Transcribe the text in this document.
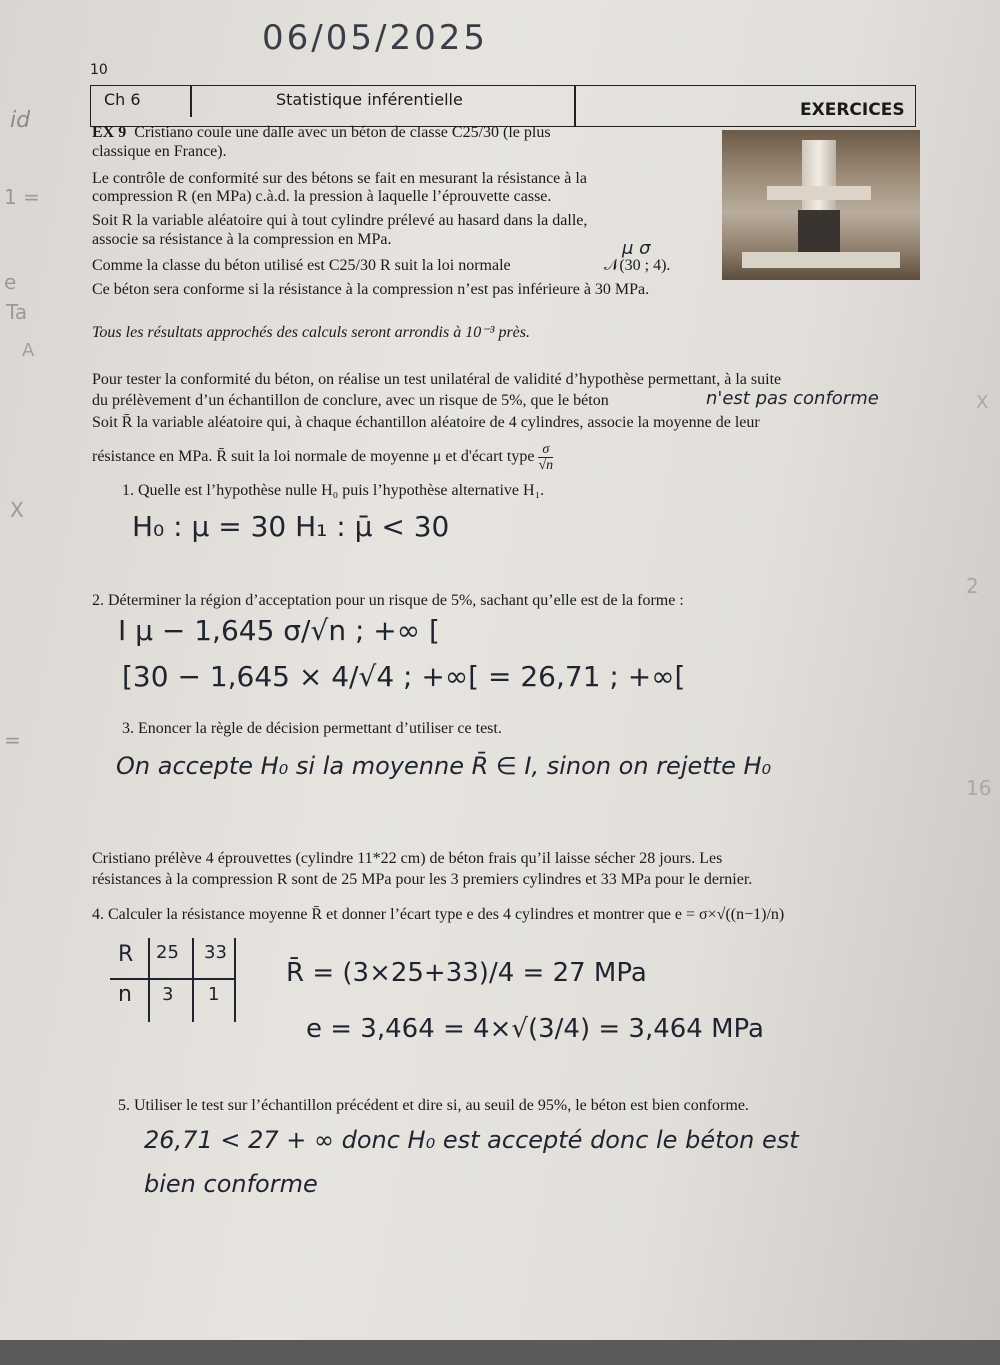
06/05/2025
10
Ch 6	Statistique inférentielle
EXERCICES
EX 9 Cristiano coule une dalle avec un béton de classe C25/30 (le plus
classique en France).
Le contrôle de conformité sur des bétons se fait en mesurant la résistance à la
compression R (en MPa) c.à.d. la pression à laquelle l’éprouvette casse.
Soit R la variable aléatoire qui à tout cylindre prélevé au hasard dans la dalle,
associe sa résistance à la compression en MPa.
Comme la classe du béton utilisé est C25/30 R suit la loi normale
μ σ
𝒩(30 ; 4).
Ce béton sera conforme si la résistance à la compression n’est pas inférieure à 30 MPa.
Tous les résultats approchés des calculs seront arrondis à 10⁻³ près.
Pour tester la conformité du béton, on réalise un test unilatéral de validité d’hypothèse permettant, à la suite
du prélèvement d’un échantillon de conclure, avec un risque de 5%, que le béton	n'est pas conforme
Soit R̄ la variable aléatoire qui, à chaque échantillon aléatoire de 4 cylindres, associe la moyenne de leur
résistance en MPa. R̄ suit la loi normale de moyenne μ et d'écart type $\frac{\sigma}{√n}$
1. Quelle est l’hypothèse nulle H₀ puis l’hypothèse alternative H₁.
H₀ : μ = 30 H₁ : μ̄ < 30
2. Déterminer la région d’acceptation pour un risque de 5%, sachant qu’elle est de la forme :
I μ − 1,645 σ/√n ; +∞ [
[30 − 1,645 × 4/√4 ; +∞[ = 26,71 ; +∞[
3. Enoncer la règle de décision permettant d’utiliser ce test.
On accepte H₀ si la moyenne R̄ ∈ I, sinon on rejette H₀
Cristiano prélève 4 éprouvettes (cylindre 11*22 cm) de béton frais qu’il laisse sécher 28 jours. Les
résistances à la compression R sont de 25 MPa pour les 3 premiers cylindres et 33 MPa pour le dernier.
4. Calculer la résistance moyenne R̄ et donner l’écart type e des 4 cylindres et montrer que e = σ×√((n−1)/n)
R 25 33
n 3 1
R̄ = (3×25+33)/4 = 27 MPa
e = 3,464 = 4×√(3/4) = 3,464 MPa
5. Utiliser le test sur l’échantillon précédent et dire si, au seuil de 95%, le béton est bien conforme.
26,71 < 27 + ∞ donc H₀ est accepté donc le béton est
bien conforme
id
1 =
e
Ta
A
X
=
X
2
16
